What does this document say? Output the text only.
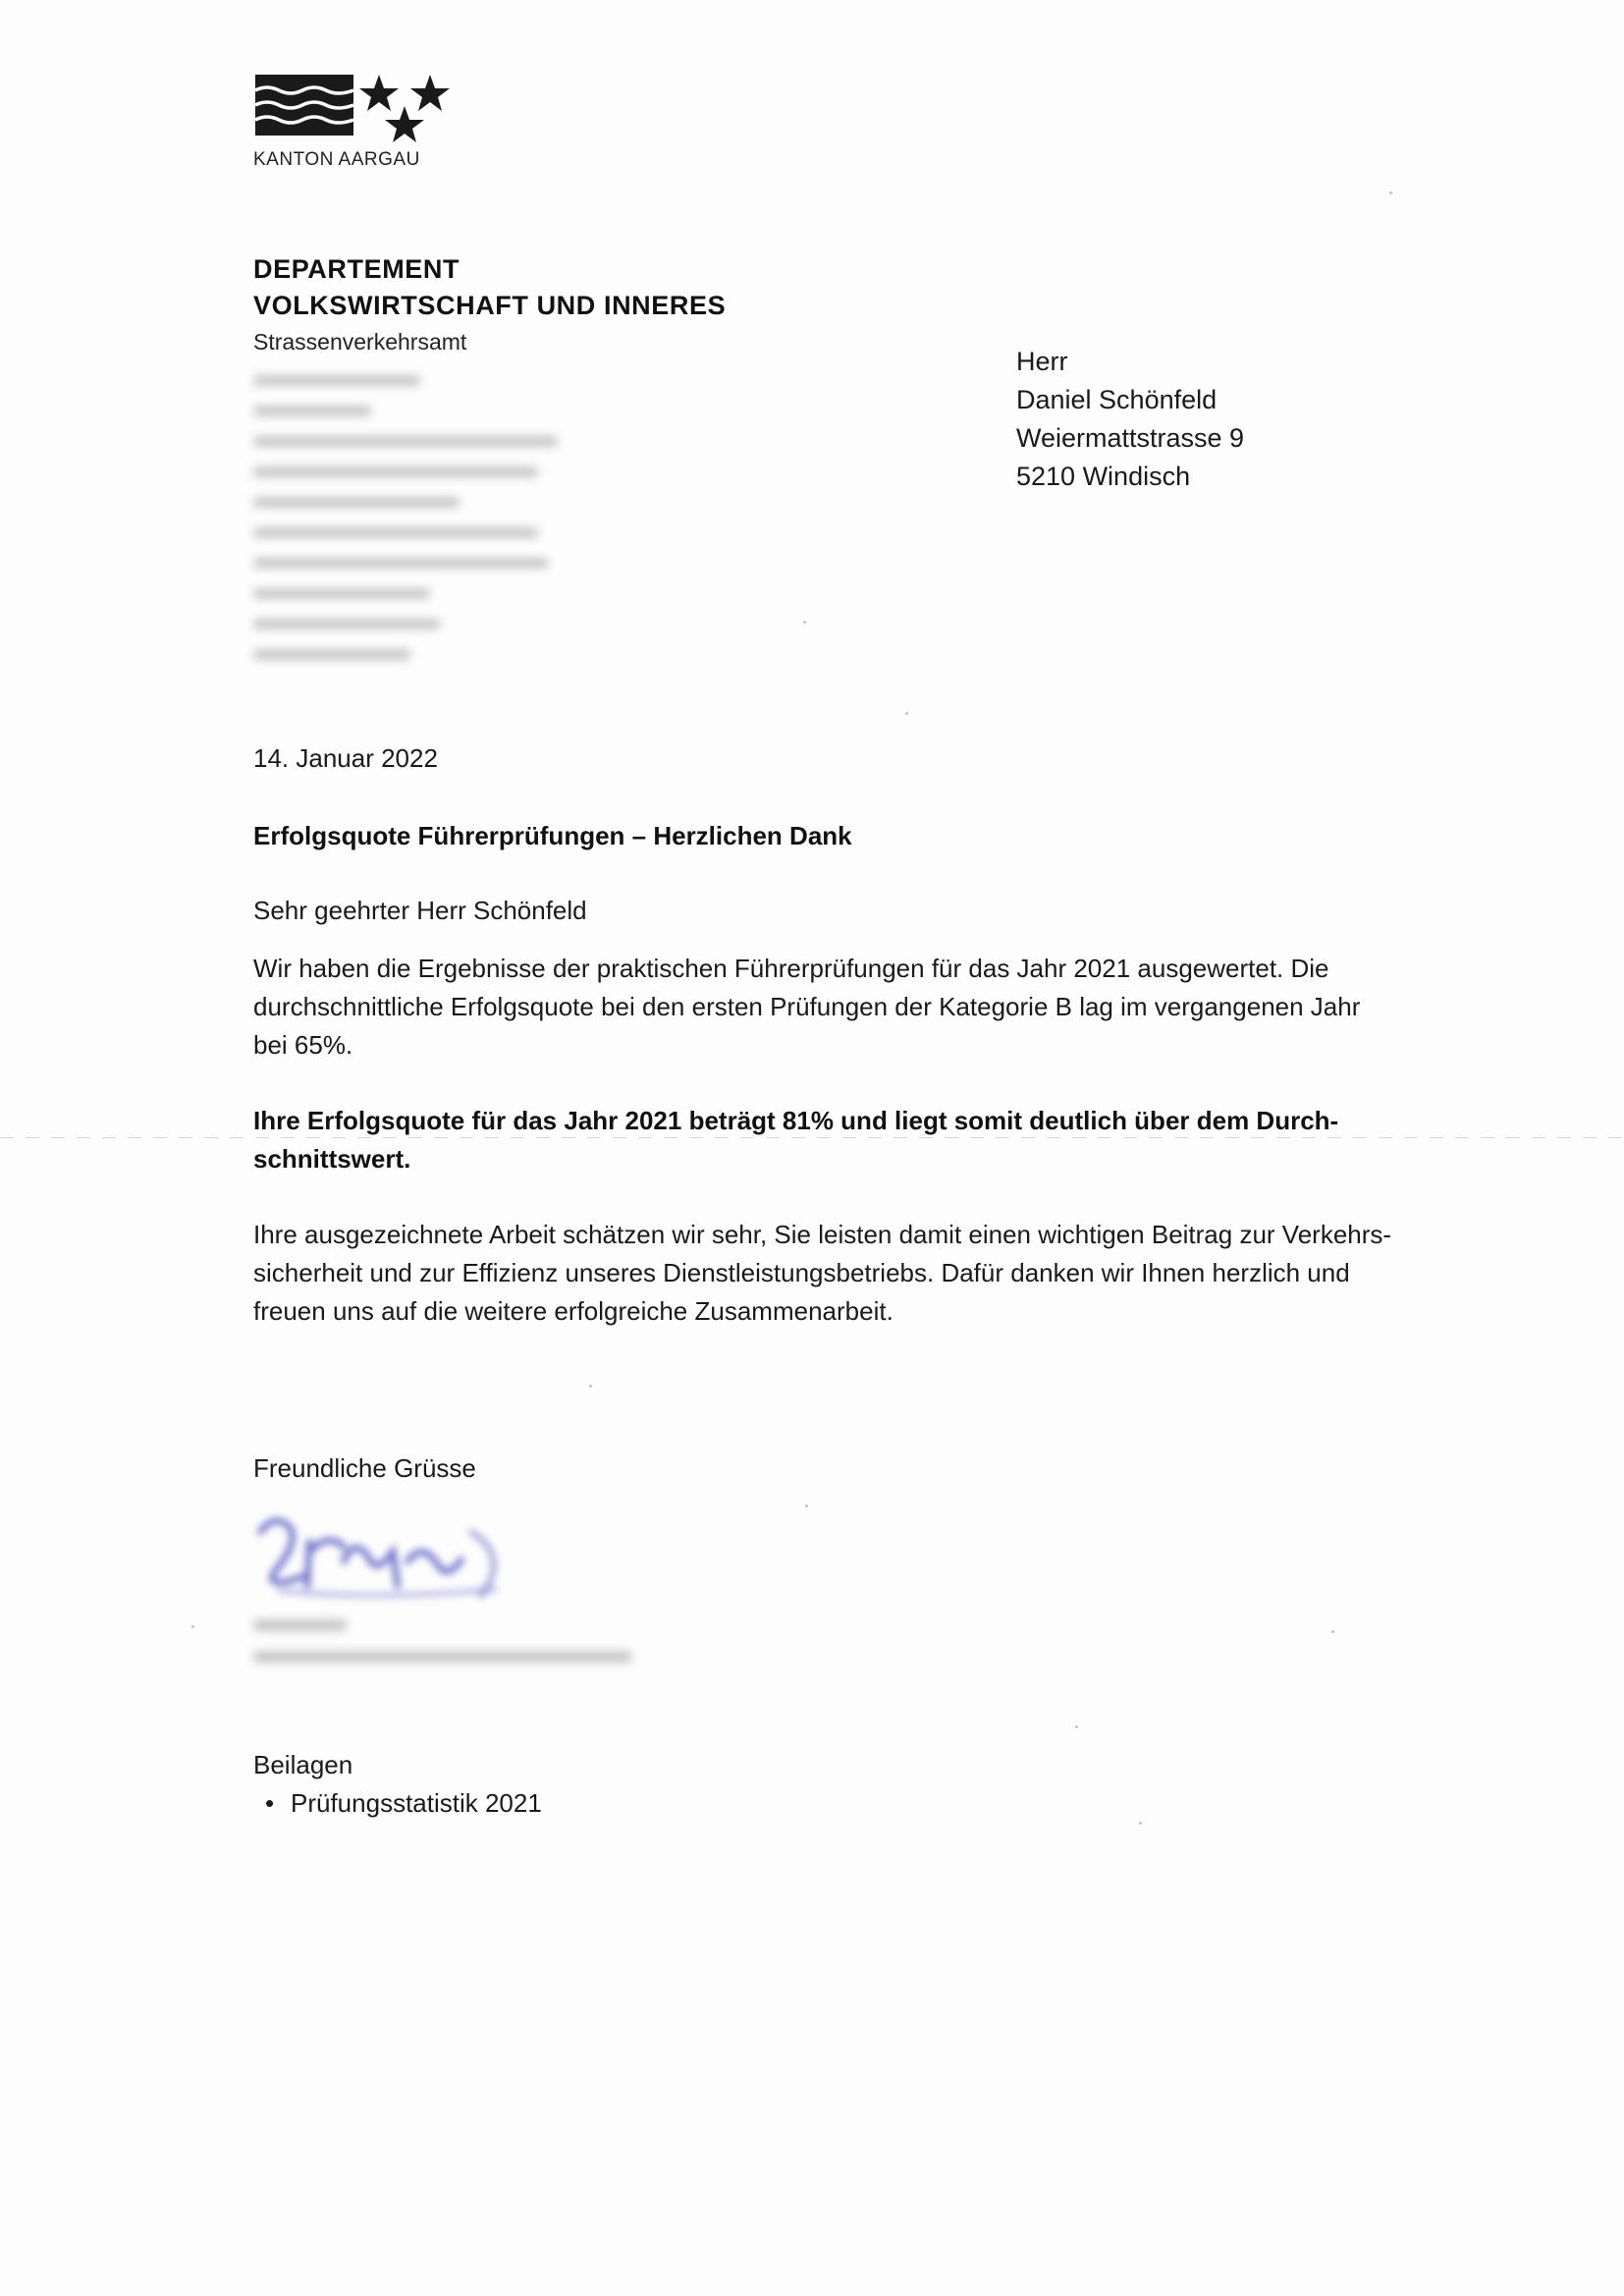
KANTON AARGAU
DEPARTEMENT
VOLKSWIRTSCHAFT UND INNERES
Strassenverkehrsamt
Herr
Daniel Schönfeld
Weiermattstrasse 9
5210 Windisch
14. Januar 2022
Erfolgsquote Führerprüfungen – Herzlichen Dank
Sehr geehrter Herr Schönfeld
Wir haben die Ergebnisse der praktischen Führerprüfungen für das Jahr 2021 ausgewertet. Die
durchschnittliche Erfolgsquote bei den ersten Prüfungen der Kategorie B lag im vergangenen Jahr
bei 65%.
Ihre Erfolgsquote für das Jahr 2021 beträgt 81% und liegt somit deutlich über dem Durch-
schnittswert.
Ihre ausgezeichnete Arbeit schätzen wir sehr, Sie leisten damit einen wichtigen Beitrag zur Verkehrs-
sicherheit und zur Effizienz unseres Dienstleistungsbetriebs. Dafür danken wir Ihnen herzlich und
freuen uns auf die weitere erfolgreiche Zusammenarbeit.
Freundliche Grüsse
Beilagen
• Prüfungsstatistik 2021
